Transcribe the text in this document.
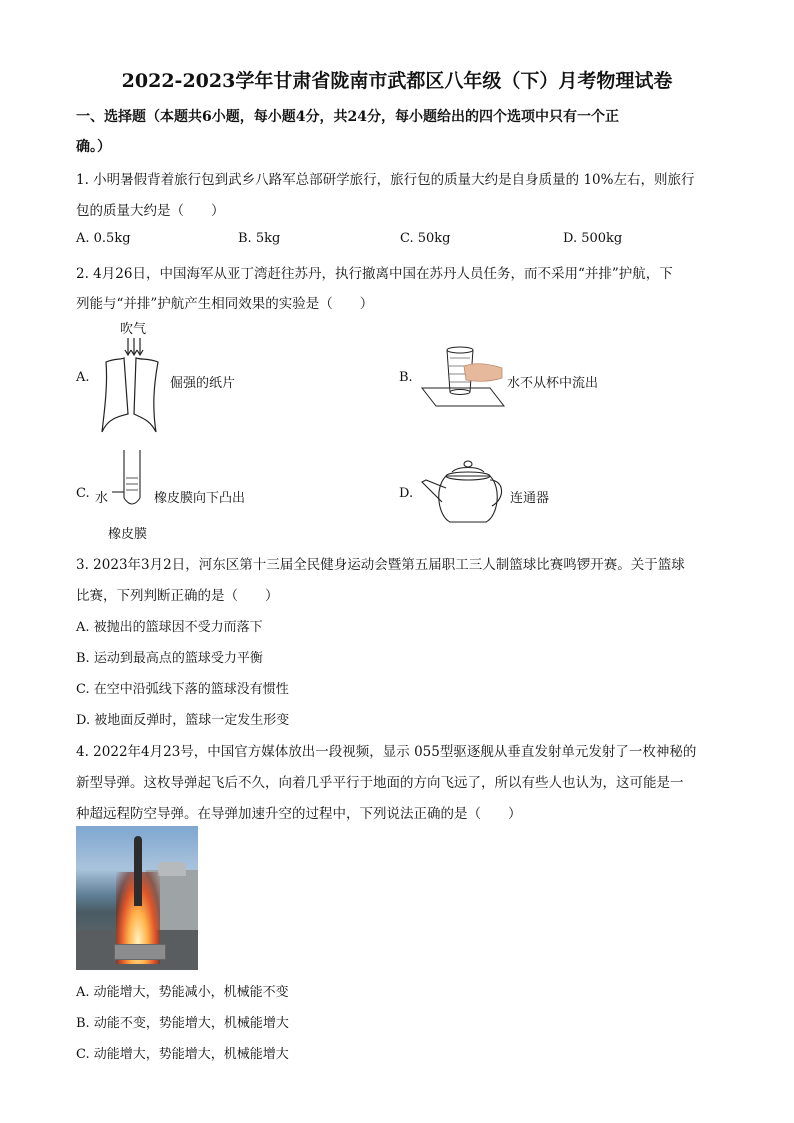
2022-2023学年甘肃省陇南市武都区八年级（下）月考物理试卷
一、选择题（本题共6小题，每小题4分，共24分，每小题给出的四个选项中只有一个正
确。）
1. 小明暑假背着旅行包到武乡八路军总部研学旅行，旅行包的质量大约是自身质量的 10%左右，则旅行
包的质量大约是（　　）
A. 0.5kg	B. 5kg	C. 50kg	D. 500kg
2. 4月26日，中国海军从亚丁湾赶往苏丹，执行撤离中国在苏丹人员任务，而不采用“并排”护航，下
列能与“并排”护航产生相同效果的实验是（　　）
A.
吹气
倔强的纸片	B.	水不从杯中流出
C. 水	橡皮膜向下凸出
橡皮膜
D.	连通器
3. 2023年3月2日，河东区第十三届全民健身运动会暨第五届职工三人制篮球比赛鸣锣开赛。关于篮球
比赛，下列判断正确的是（　　）
A. 被抛出的篮球因不受力而落下
B. 运动到最高点的篮球受力平衡
C. 在空中沿弧线下落的篮球没有惯性
D. 被地面反弹时，篮球一定发生形变
4. 2022年4月23号，中国官方媒体放出一段视频，显示 055型驱逐舰从垂直发射单元发射了一枚神秘的
新型导弹。这枚导弹起飞后不久，向着几乎平行于地面的方向飞远了，所以有些人也认为，这可能是一
种超远程防空导弹。在导弹加速升空的过程中，下列说法正确的是（　　）
A. 动能增大，势能减小，机械能不变
B. 动能不变，势能增大，机械能增大
C. 动能增大，势能增大，机械能增大
